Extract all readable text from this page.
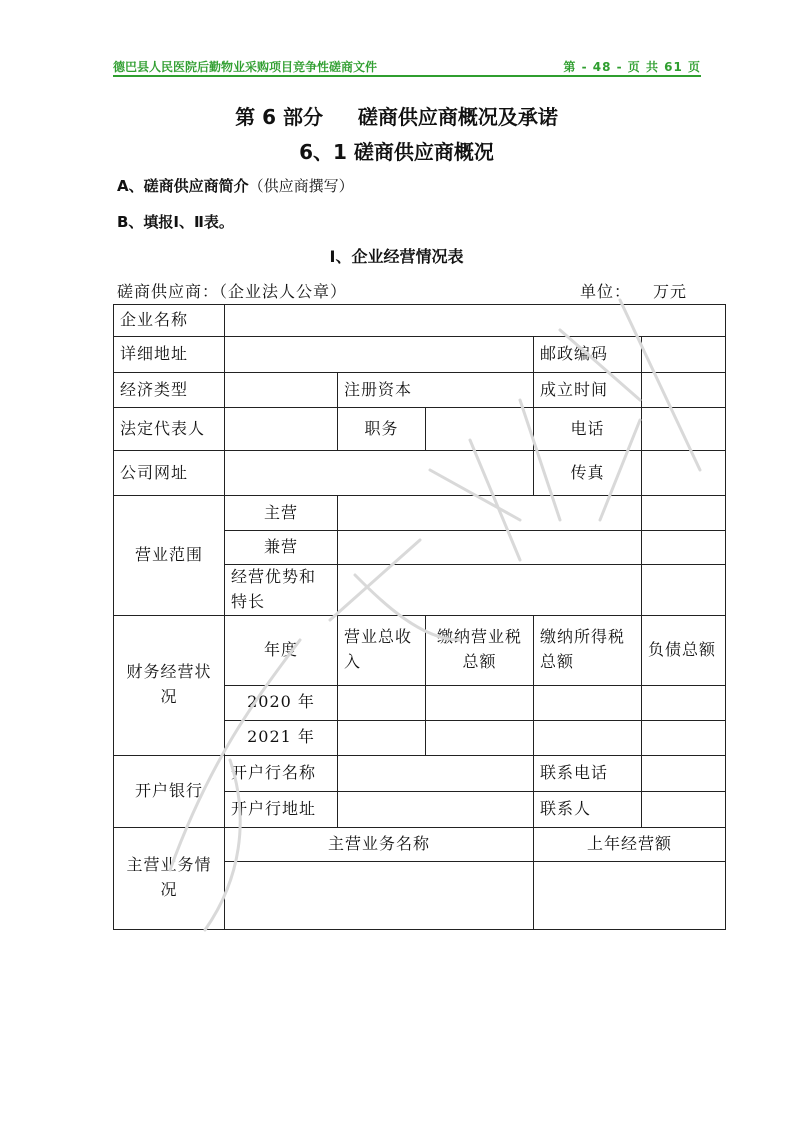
德巴县人民医院后勤物业采购项目竞争性磋商文件	第 - 48 - 页 共 61 页
第 6 部分     磋商供应商概况及承诺
6、1 磋商供应商概况
A、磋商供应商简介（供应商撰写）
B、填报Ⅰ、Ⅱ表。
Ⅰ、企业经营情况表
磋商供应商：（企业法人公章）	单位： 万元
企业名称					
详细地址				邮政编码	
经济类型		注册资本		成立时间	
法定代表人		职务		电话	
公司网址				传真	
营业范围	主营				
	兼营				
	经营优势和特长				
财务经营状况	年度	营业总收入	缴纳营业税总额	缴纳所得税总额	负债总额
	2020 年				
	2021 年				
开户银行	开户行名称			联系电话	
	开户行地址			联系人	
主营业务情况	主营业务名称			上年经营额	
